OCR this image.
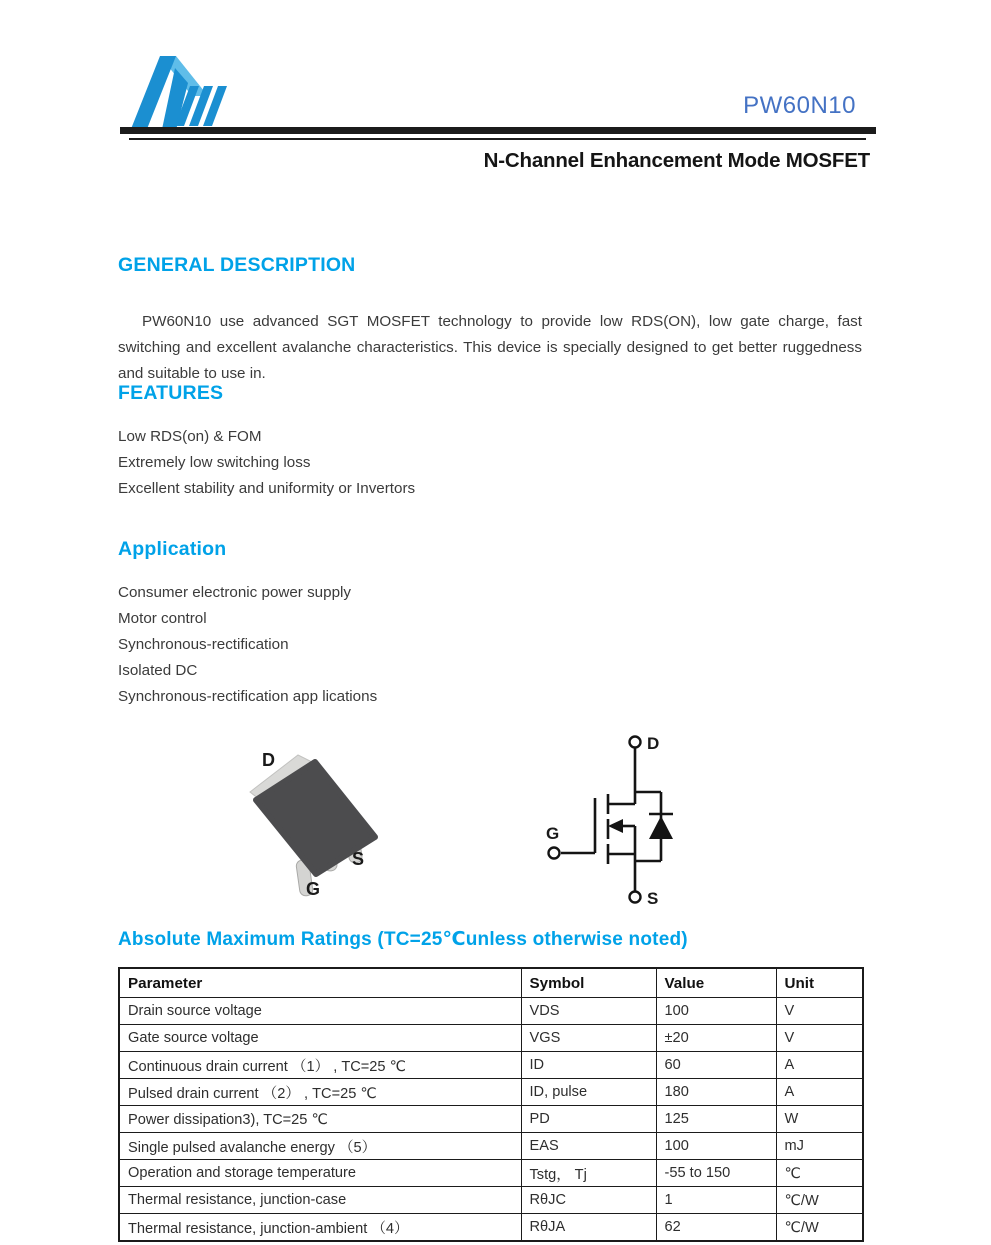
PW60N10
N-Channel Enhancement Mode MOSFET
GENERAL DESCRIPTION

PW60N10 use advanced SGT MOSFET technology to provide low RDS(ON), low gate charge, fast switching and excellent avalanche characteristics. This device is specially designed to get better ruggedness and suitable to use in.

FEATURES
Low RDS(on) & FOM
Extremely low switching loss
Excellent stability and uniformity or Invertors
Application
Consumer electronic power supply
Motor control
Synchronous-rectification
Isolated DC
Synchronous-rectification app lications
D
S
G
D
S
G
Absolute Maximum Ratings (TC=25℃unless otherwise noted)
Parameter	Symbol	Value	Unit
Drain source voltage	VDS	100	V
Gate source voltage	VGS	±20	V
Continuous drain current （1） , TC=25 ℃	ID	60	A
Pulsed drain current （2） , TC=25 ℃	ID, pulse	180	A
Power dissipation3), TC=25 ℃	PD	125	W
Single pulsed avalanche energy （5）	EAS	100	mJ
Operation and storage temperature	Tstg， Tj	-55 to 150	℃
Thermal resistance, junction-case	RθJC	1	℃/W
Thermal resistance, junction-ambient （4）	RθJA	62	℃/W
